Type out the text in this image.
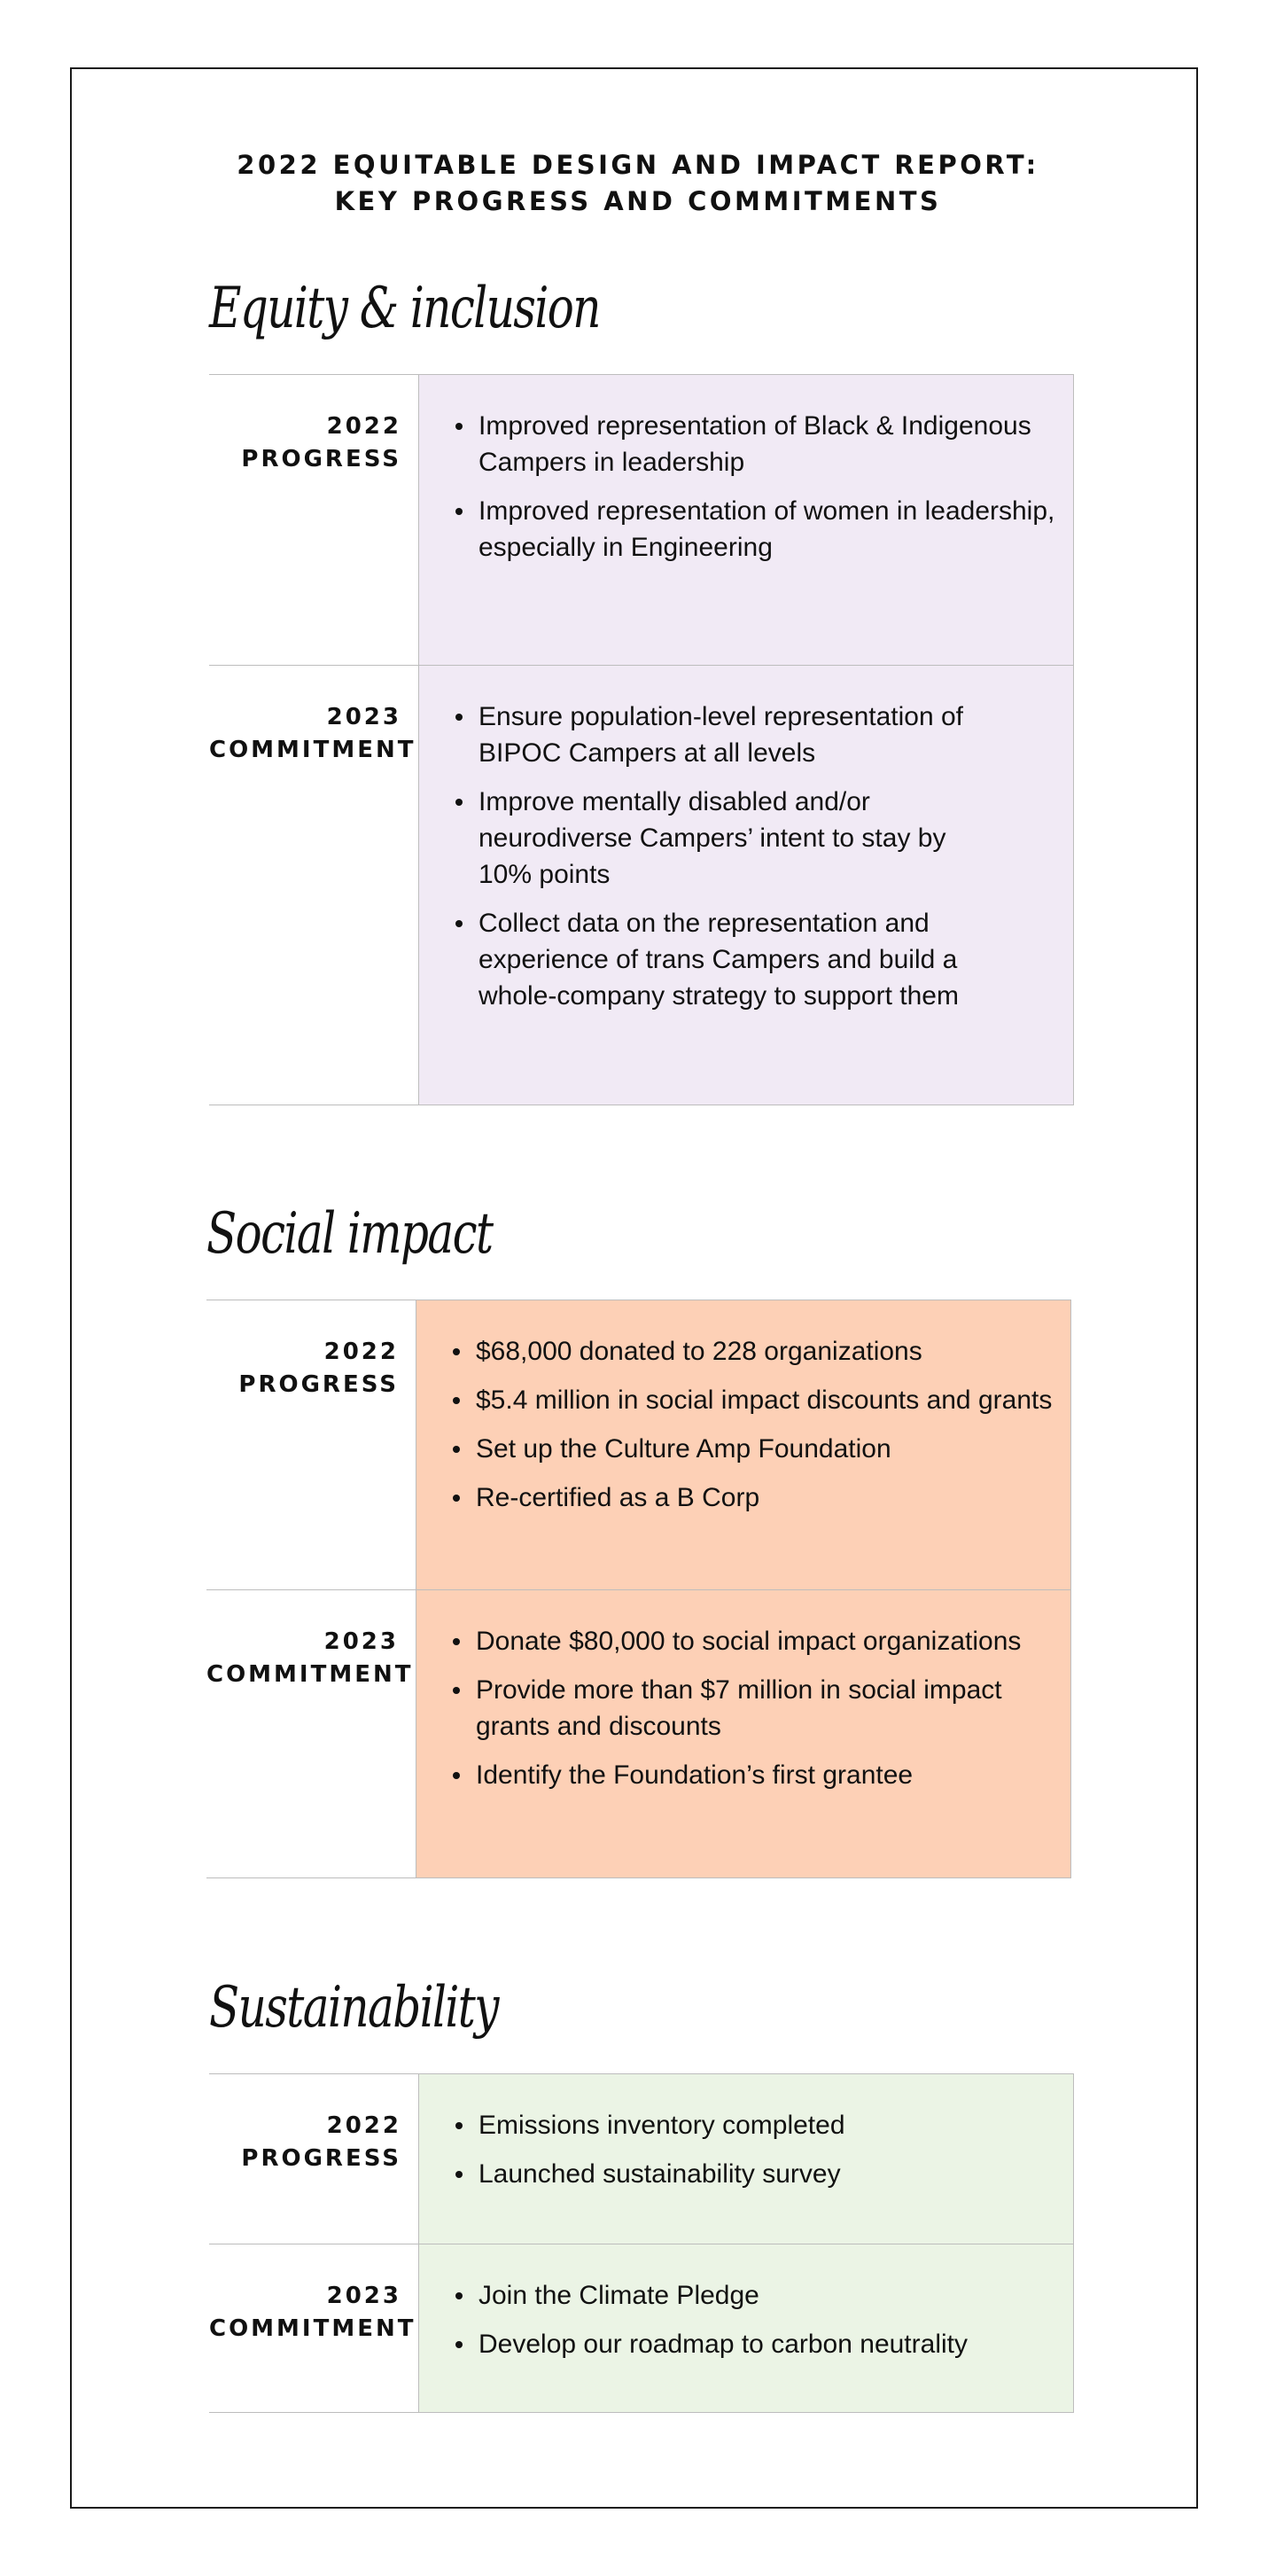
2022 EQUITABLE DESIGN AND IMPACT REPORT:
KEY PROGRESS AND COMMITMENTS
Equity & inclusion
2022
PROGRESS
Improved representation of Black & Indigenous Campers in leadership
Improved representation of women in leadership, especially in Engineering
2023
COMMITMENT
Ensure population-level representation of BIPOC Campers at all levels
Improve mentally disabled and/or neurodiverse Campers’ intent to stay by 10% points
Collect data on the representation and experience of trans Campers and build a whole-company strategy to support them
Social impact
2022
PROGRESS
$68,000 donated to 228 organizations
$5.4 million in social impact discounts and grants
Set up the Culture Amp Foundation
Re-certified as a B Corp
2023
COMMITMENT
Donate $80,000 to social impact organizations
Provide more than $7 million in social impact grants and discounts
Identify the Foundation’s first grantee
Sustainability
2022
PROGRESS
Emissions inventory completed
Launched sustainability survey
2023
COMMITMENT
Join the Climate Pledge
Develop our roadmap to carbon neutrality
